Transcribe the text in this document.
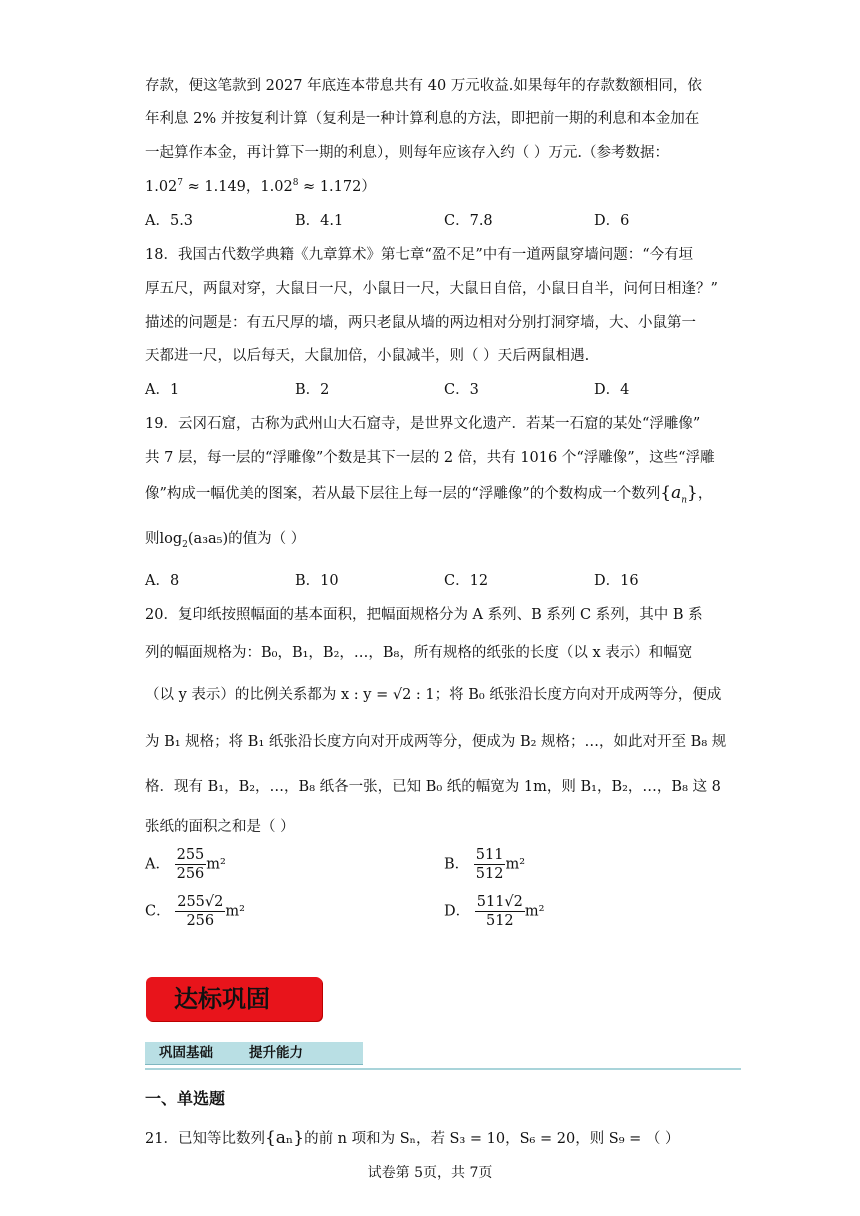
存款，便这笔款到 2027 年底连本带息共有 40 万元收益.如果每年的存款数额相同，依
年利息 2% 并按复利计算（复利是一种计算利息的方法，即把前一期的利息和本金加在
一起算作本金，再计算下一期的利息），则每年应该存入约（ ）万元.（参考数据：
$1.02^7 \approx 1.149$，$1.02^8 \approx 1.172$）
A．5.3	B．4.1	C．7.8	D．6
18．我国古代数学典籍《九章算术》第七章“盈不足”中有一道两鼠穿墙问题：“今有垣
厚五尺，两鼠对穿，大鼠日一尺，小鼠日一尺，大鼠日自倍，小鼠日自半，问何日相逢？”
描述的问题是：有五尺厚的墙，两只老鼠从墙的两边相对分别打洞穿墙，大、小鼠第一
天都进一尺，以后每天，大鼠加倍，小鼠减半，则（ ）天后两鼠相遇.
A．1	B．2	C．3	D．4
19．云冈石窟，古称为武州山大石窟寺，是世界文化遗产．若某一石窟的某处“浮雕像”
共 7 层，每一层的“浮雕像”个数是其下一层的 2 倍，共有 1016 个“浮雕像”，这些“浮雕
像”构成一幅优美的图案，若从最下层往上每一层的“浮雕像”的个数构成一个数列$\{a_n\}$，
则$\log_2(a_3a_5)$的值为（ ）
A．8	B．10	C．12	D．16
20．复印纸按照幅面的基本面积，把幅面规格分为 A 系列、B 系列 C 系列，其中 B 系
列的幅面规格为：B₀，B₁，B₂，…，B₈，所有规格的纸张的长度（以 x 表示）和幅宽
（以 y 表示）的比例关系都为 x : y = √2 : 1；将 B₀ 纸张沿长度方向对开成两等分，便成
为 B₁ 规格；将 B₁ 纸张沿长度方向对开成两等分，便成为 B₂ 规格；…，如此对开至 B₈ 规
格．现有 B₁，B₂，…，B₈ 纸各一张，已知 B₀ 纸的幅宽为 1m，则 B₁，B₂，…，B₈ 这 8
张纸的面积之和是（ ）
A． $\frac{255}{256} m^2$	B． $\frac{511}{512} m^2$
C． $\frac{255√2}{256} m^2$	D． $\frac{511√2}{512} m^2$
达标巩固
巩固基础	提升能力
一、单选题
21．已知等比数列{aₙ}的前 n 项和为 Sₙ，若 S₃ = 10，S₆ = 20，则 S₉ = （ ）
试卷第 5页，共 7页
